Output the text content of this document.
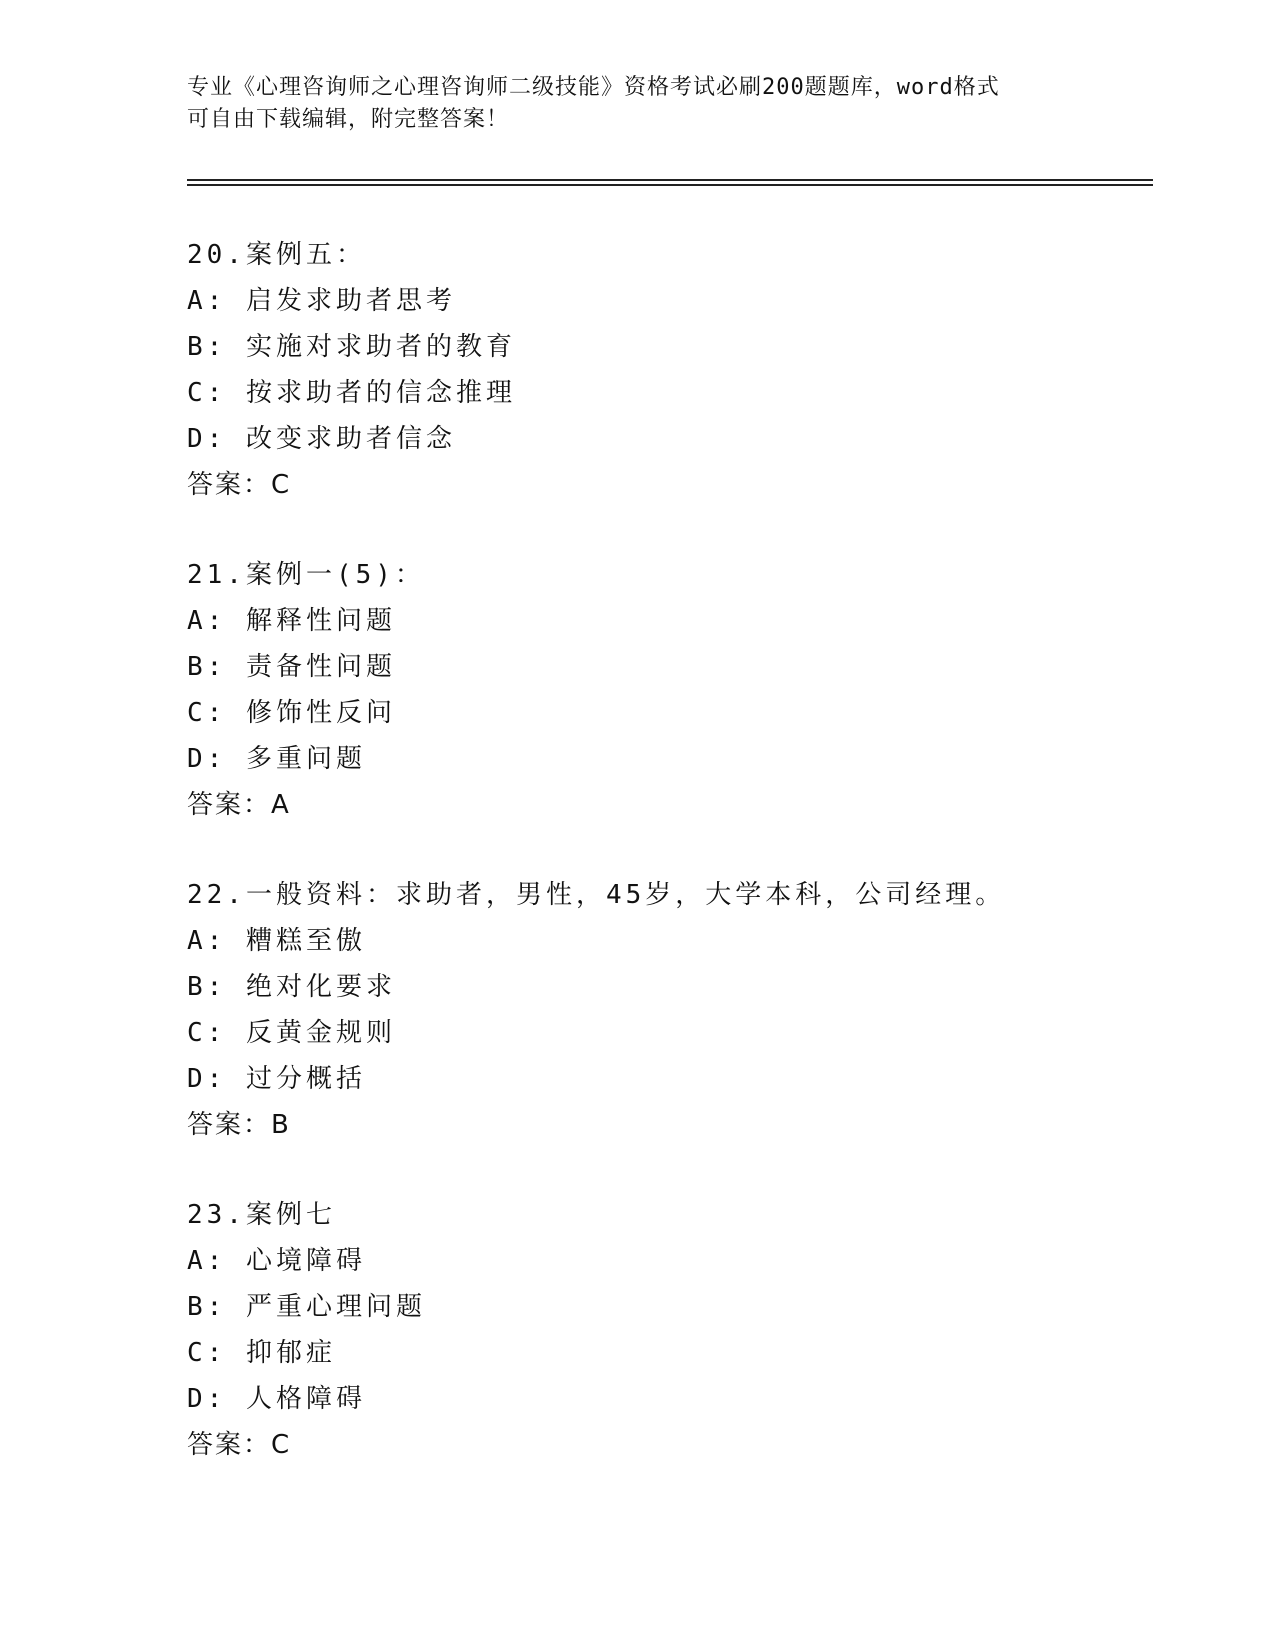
专业《心理咨询师之心理咨询师二级技能》资格考试必刷200题题库，word格式
可自由下载编辑，附完整答案！
20.案例五：
A: 启发求助者思考
B: 实施对求助者的教育
C: 按求助者的信念推理
D: 改变求助者信念
答案：C
21.案例一(5)：
A: 解释性问题
B: 责备性问题
C: 修饰性反问
D: 多重问题
答案：A
22.一般资料：求助者，男性，45岁，大学本科，公司经理。
A: 糟糕至傲
B: 绝对化要求
C: 反黄金规则
D: 过分概括
答案：B
23.案例七
A: 心境障碍
B: 严重心理问题
C: 抑郁症
D: 人格障碍
答案：C
